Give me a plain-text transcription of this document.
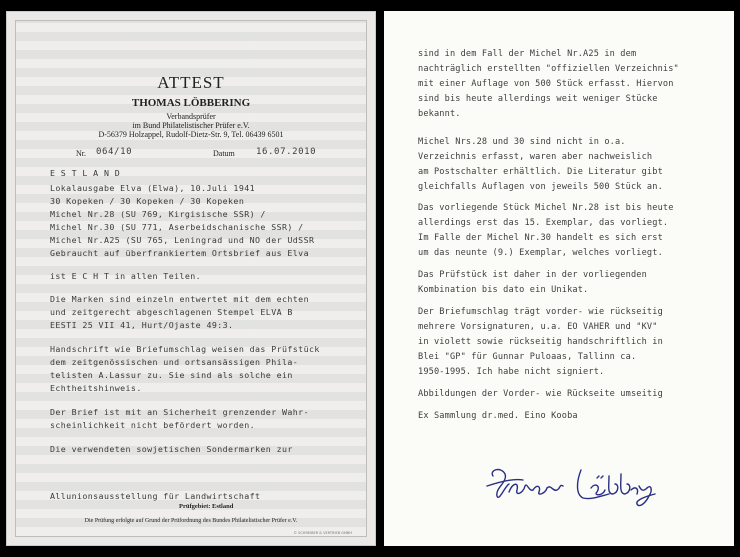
ATTEST
THOMAS LÖBBERING
Verbandsprüfer
im Bund Philatelistischer Prüfer e.V.
D-56379 Holzappel, Rudolf-Dietz-Str. 9, Tel. 06439 6501
Nr. 064/10	Datum 16.07.2010
E S T L A N D
Lokalausgabe Elva (Elwa), 10.Juli 1941
30 Kopeken / 30 Kopeken / 30 Kopeken
Michel Nr.28 (SU 769, Kirgisische SSR) /
Michel Nr.30 (SU 771, Aserbeidschanische SSR) /
Michel Nr.A25 (SU 765, Leningrad und NO der UdSSR
Gebraucht auf überfrankiertem Ortsbrief aus Elva
ist E C H T in allen Teilen.
Die Marken sind einzeln entwertet mit dem echten
und zeitgerecht abgeschlagenen Stempel ELVA B
EESTI 25 VII 41, Hurt/Ojaste 49:3.
Handschrift wie Briefumschlag weisen das Prüfstück
dem zeitgenössischen und ortsansässigen Phila-
telisten A.Lassur zu. Sie sind als solche ein
Echtheitshinweis.
Der Brief ist mit an Sicherheit grenzender Wahr-
scheinlichkeit nicht befördert worden.
Die verwendeten sowjetischen Sondermarken zur
Allunionsausstellung für Landwirtschaft
Prüfgebiet: Estland
Die Prüfung erfolgte auf Grund der Prüfordnung des Bundes Philatelistischer Prüfer e.V.
© SCHREIBER & VERTRIEB GMBH
sind in dem Fall der Michel Nr.A25 in dem
nachträglich erstellten "offiziellen Verzeichnis"
mit einer Auflage von 500 Stück erfasst. Hiervon
sind bis heute allerdings weit weniger Stücke
bekannt.
Michel Nrs.28 und 30 sind nicht in o.a.
Verzeichnis erfasst, waren aber nachweislich
am Postschalter erhältlich. Die Literatur gibt
gleichfalls Auflagen von jeweils 500 Stück an.
Das vorliegende Stück Michel Nr.28 ist bis heute
allerdings erst das 15. Exemplar, das vorliegt.
Im Falle der Michel Nr.30 handelt es sich erst
um das neunte (9.) Exemplar, welches vorliegt.
Das Prüfstück ist daher in der vorliegenden
Kombination bis dato ein Unikat.
Der Briefumschlag trägt vorder- wie rückseitig
mehrere Vorsignaturen, u.a. EO VAHER und "KV"
in violett sowie rückseitig handschriftlich in
Blei "GP" für Gunnar Puloaas, Tallinn ca.
1950-1995. Ich habe nicht signiert.
Abbildungen der Vorder- wie Rückseite umseitig
Ex Sammlung dr.med. Eino Kooba
